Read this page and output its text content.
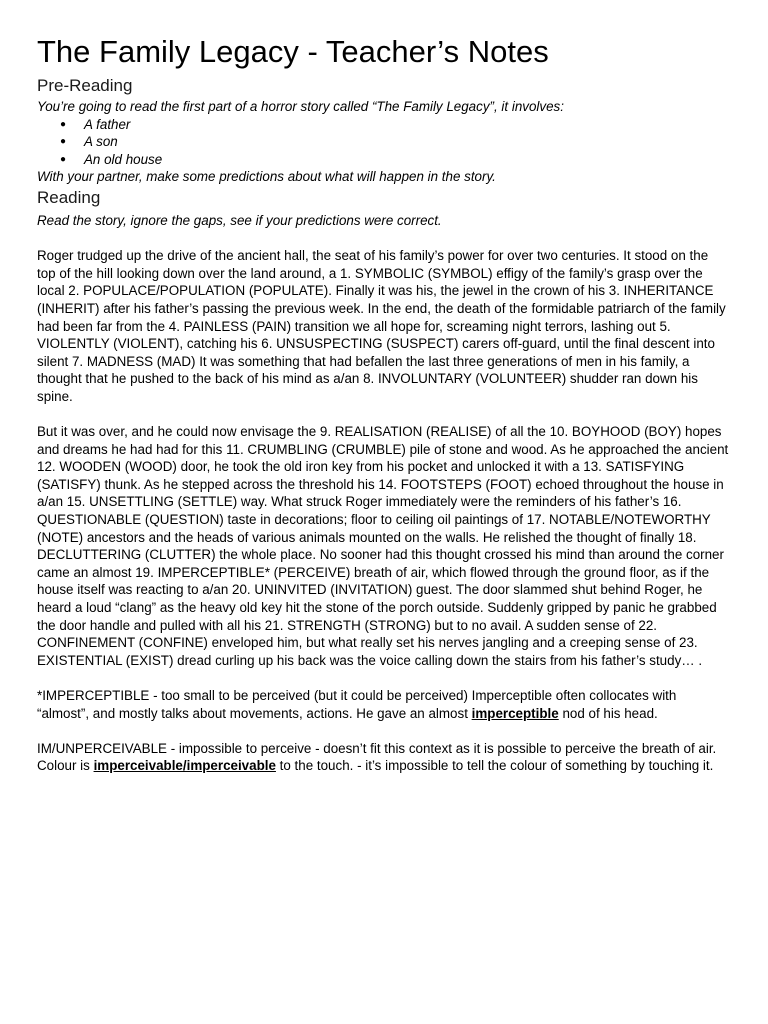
The Family Legacy - Teacher’s Notes
Pre-Reading

You’re going to read the first part of a horror story called “The Family Legacy”, it involves:

● A father
● A son
● An old house

With your partner, make some predictions about what will happen in the story.

Reading

Read the story, ignore the gaps, see if your predictions were correct.

Roger trudged up the drive of the ancient hall, the seat of his family’s power for over two centuries. It stood on the top of the hill looking down over the land around, a 1. SYMBOLIC (SYMBOL) effigy of the family’s grasp over the local 2. POPULACE/POPULATION (POPULATE). Finally it was his, the jewel in the crown of his 3. INHERITANCE (INHERIT) after his father’s passing the previous week. In the end, the death of the formidable patriarch of the family had been far from the 4. PAINLESS (PAIN) transition we all hope for, screaming night terrors, lashing out 5. VIOLENTLY (VIOLENT), catching his 6. UNSUSPECTING (SUSPECT) carers off-guard, until the final descent into silent 7. MADNESS (MAD) It was something that had befallen the last three generations of men in his family, a thought that he pushed to the back of his mind as a/an 8. INVOLUNTARY (VOLUNTEER) shudder ran down his spine.

But it was over, and he could now envisage the 9. REALISATION (REALISE) of all the 10. BOYHOOD (BOY) hopes and dreams he had had for this 11. CRUMBLING (CRUMBLE) pile of stone and wood. As he approached the ancient 12. WOODEN (WOOD) door, he took the old iron key from his pocket and unlocked it with a 13. SATISFYING (SATISFY) thunk. As he stepped across the threshold his 14. FOOTSTEPS (FOOT) echoed throughout the house in a/an 15. UNSETTLING (SETTLE) way. What struck Roger immediately were the reminders of his father’s 16. QUESTIONABLE (QUESTION) taste in decorations; floor to ceiling oil paintings of 17. NOTABLE/NOTEWORTHY (NOTE) ancestors and the heads of various animals mounted on the walls. He relished the thought of finally 18. DECLUTTERING (CLUTTER) the whole place. No sooner had this thought crossed his mind than around the corner came an almost 19. IMPERCEPTIBLE* (PERCEIVE) breath of air, which flowed through the ground floor, as if the house itself was reacting to a/an 20. UNINVITED (INVITATION) guest. The door slammed shut behind Roger, he heard a loud “clang” as the heavy old key hit the stone of the porch outside. Suddenly gripped by panic he grabbed the door handle and pulled with all his 21. STRENGTH (STRONG) but to no avail. A sudden sense of 22. CONFINEMENT (CONFINE) enveloped him, but what really set his nerves jangling and a creeping sense of 23. EXISTENTIAL (EXIST) dread curling up his back was the voice calling down the stairs from his father’s study… .

*IMPERCEPTIBLE - too small to be perceived (but it could be perceived) Imperceptible often collocates with “almost”, and mostly talks about movements, actions. He gave an almost imperceptible nod of his head.

IM/UNPERCEIVABLE - impossible to perceive - doesn’t fit this context as it is possible to perceive the breath of air. Colour is imperceivable/imperceivable to the touch. - it’s impossible to tell the colour of something by touching it.
